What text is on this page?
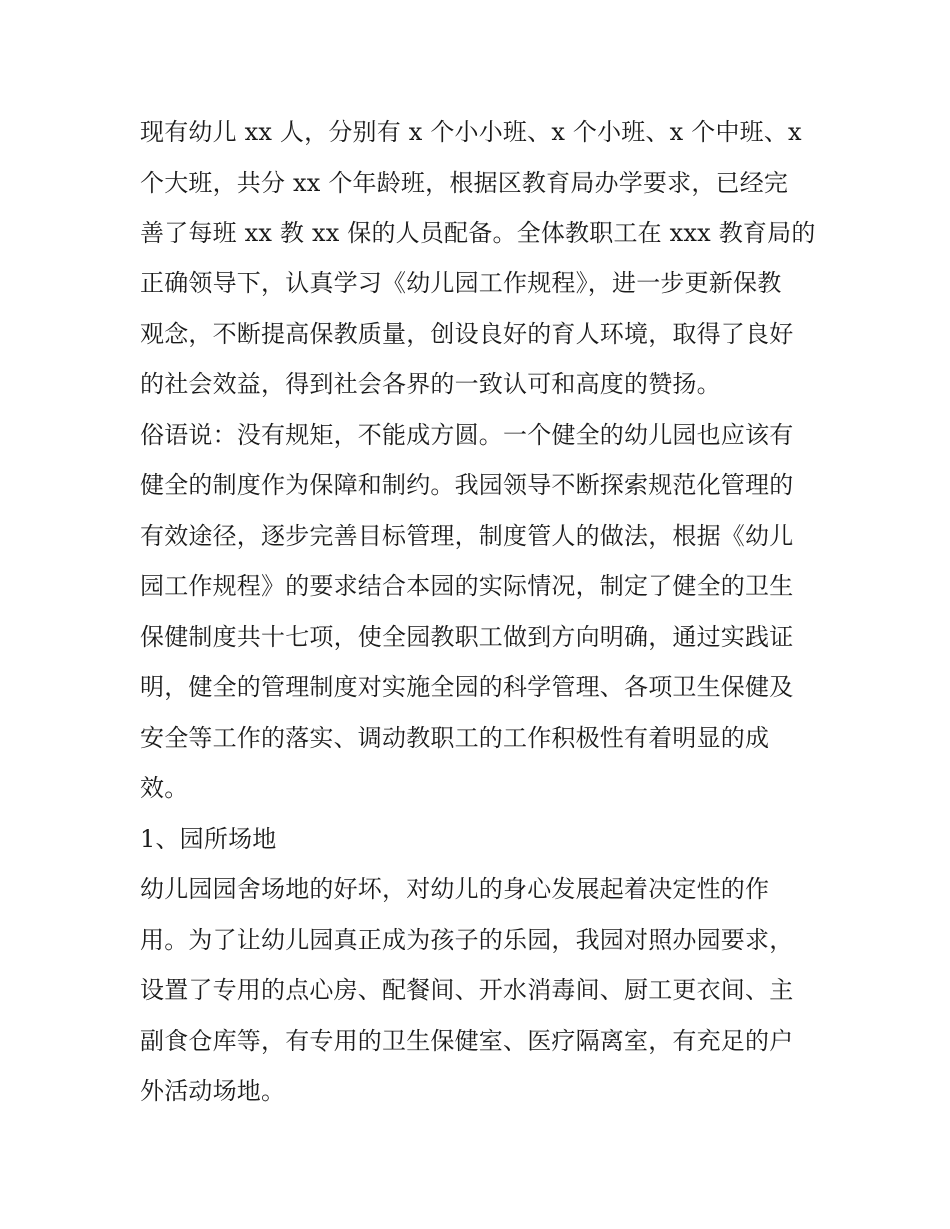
现有幼儿 xx 人，分别有 x 个小小班、x 个小班、x 个中班、x
个大班，共分 xx 个年龄班，根据区教育局办学要求，已经完
善了每班 xx 教 xx 保的人员配备。全体教职工在 xxx 教育局的
正确领导下，认真学习《幼儿园工作规程》，进一步更新保教
观念，不断提高保教质量，创设良好的育人环境，取得了良好
的社会效益，得到社会各界的一致认可和高度的赞扬。
俗语说：没有规矩，不能成方圆。一个健全的幼儿园也应该有
健全的制度作为保障和制约。我园领导不断探索规范化管理的
有效途径，逐步完善目标管理，制度管人的做法，根据《幼儿
园工作规程》的要求结合本园的实际情况，制定了健全的卫生
保健制度共十七项，使全园教职工做到方向明确，通过实践证
明，健全的管理制度对实施全园的科学管理、各项卫生保健及
安全等工作的落实、调动教职工的工作积极性有着明显的成
效。
1、园所场地
幼儿园园舍场地的好坏，对幼儿的身心发展起着决定性的作
用。为了让幼儿园真正成为孩子的乐园，我园对照办园要求，
设置了专用的点心房、配餐间、开水消毒间、厨工更衣间、主
副食仓库等，有专用的卫生保健室、医疗隔离室，有充足的户
外活动场地。
